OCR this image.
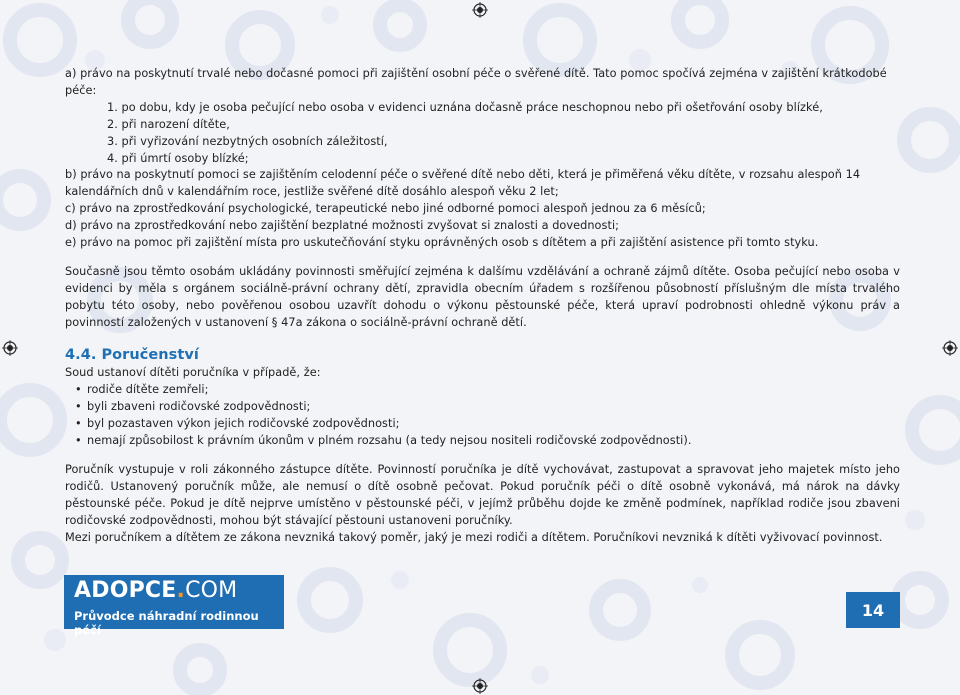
a) právo na poskytnutí trvalé nebo dočasné pomoci při zajištění osobní péče o svěřené dítě. Tato pomoc spočívá zejména v zajištění krátkodobé péče:

1. po dobu, kdy je osoba pečující nebo osoba v evidenci uznána dočasně práce neschopnou nebo při ošetřování osoby blízké,

2. při narození dítěte,

3. při vyřizování nezbytných osobních záležitostí,

4. při úmrtí osoby blízké;

b) právo na poskytnutí pomoci se zajištěním celodenní péče o svěřené dítě nebo děti, která je přiměřená věku dítěte, v rozsahu alespoň 14 kalendářních dnů v kalendářním roce, jestliže svěřené dítě dosáhlo alespoň věku 2 let;

c) právo na zprostředkování psychologické, terapeutické nebo jiné odborné pomoci alespoň jednou za 6 měsíců;

d) právo na zprostředkování nebo zajištění bezplatné možnosti zvyšovat si znalosti a dovednosti;

e) právo na pomoc při zajištění místa pro uskutečňování styku oprávněných osob s dítětem a při zajištění asistence při tomto styku.

Současně jsou těmto osobám ukládány povinnosti směřující zejména k dalšímu vzdělávání a ochraně zájmů dítěte. Osoba pečující nebo osoba v evidenci by měla s orgánem sociálně-právní ochrany dětí, zpravidla obecním úřadem s rozšířenou působností příslušným dle místa trvalého pobytu této osoby, nebo pověřenou osobou uzavřít dohodu o výkonu pěstounské péče, která upraví podrobnosti ohledně výkonu práv a povinností založených v ustanovení § 47a zákona o sociálně-právní ochraně dětí.

4.4. Poručenství

Soud ustanoví dítěti poručníka v případě, že:

• rodiče dítěte zemřeli;
• byli zbaveni rodičovské zodpovědnosti;
• byl pozastaven výkon jejich rodičovské zodpovědnosti;
• nemají způsobilost k právním úkonům v plném rozsahu (a tedy nejsou nositeli rodičovské zodpovědnosti).

Poručník vystupuje v roli zákonného zástupce dítěte. Povinností poručníka je dítě vychovávat, zastupovat a spravovat jeho majetek místo jeho rodičů. Ustanovený poručník může, ale nemusí o dítě osobně pečovat. Pokud poručník péči o dítě osobně vykonává, má nárok na dávky pěstounské péče. Pokud je dítě nejprve umístěno v pěstounské péči, v jejímž průběhu dojde ke změně podmínek, například rodiče jsou zbaveni rodičovské zodpovědnosti, mohou být stávající pěstouni ustanoveni poručníky.

Mezi poručníkem a dítětem ze zákona nevzniká takový poměr, jaký je mezi rodiči a dítětem. Poručníkovi nevzniká k dítěti vyživovací povinnost.

ADOPCE.COM
Průvodce náhradní rodinnou péčí
14
